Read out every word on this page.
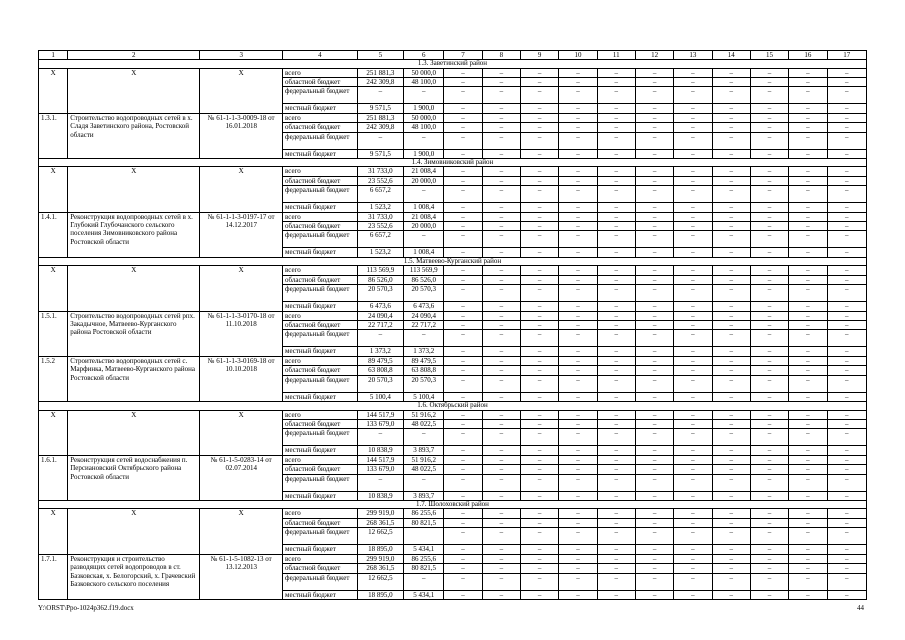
1	2	3	4	5	6	7	8	9	10	11	12	13	14	15	16	17
1.3. Заветинский район																
X	X	X	всего	251 881,3	50 000,0	–	–	–	–	–	–	–	–	–	–	–
			областной бюджет	242 309,8	48 100,0	–	–	–	–	–	–	–	–	–	–	–
			федеральный бюджет	–	–	–	–	–	–	–	–	–	–	–	–	–
			местный бюджет	9 571,5	1 900,0	–	–	–	–	–	–	–	–	–	–	–
1.3.1.	Строительство водопроводных сетей в х. Сладя Заветинского района, Ростовской области	№ 61-1-1-3-0009-18 от 16.01.2018	всего	251 881,3	50 000,0	–	–	–	–	–	–	–	–	–	–	–
			областной бюджет	242 309,8	48 100,0	–	–	–	–	–	–	–	–	–	–	–
			федеральный бюджет	–	–	–	–	–	–	–	–	–	–	–	–	–
			местный бюджет	9 571,5	1 900,0	–	–	–	–	–	–	–	–	–	–	–
1.4. Зимовниковский район																
X	X	X	всего	31 733,0	21 008,4	–	–	–	–	–	–	–	–	–	–	–
			областной бюджет	23 552,6	20 000,0	–	–	–	–	–	–	–	–	–	–	–
			федеральный бюджет	6 657,2	–	–	–	–	–	–	–	–	–	–	–	–
			местный бюджет	1 523,2	1 008,4	–	–	–	–	–	–	–	–	–	–	–
1.4.1.	Реконструкция водопроводных сетей в х. Глубокий Глубочанского сельского поселения Зимовниковского района Ростовской области	№ 61-1-1-3-0197-17 от 14.12.2017	всего	31 733,0	21 008,4	–	–	–	–	–	–	–	–	–	–	–
			областной бюджет	23 552,6	20 000,0	–	–	–	–	–	–	–	–	–	–	–
			федеральный бюджет	6 657,2	–	–	–	–	–	–	–	–	–	–	–	–
			местный бюджет	1 523,2	1 008,4	–	–	–	–	–	–	–	–	–	–	–
1.5. Матвеево-Курганский район																
X	X	X	всего	113 569,9	113 569,9	–	–	–	–	–	–	–	–	–	–	–
			областной бюджет	86 526,0	86 526,0	–	–	–	–	–	–	–	–	–	–	–
			федеральный бюджет	20 570,3	20 570,3	–	–	–	–	–	–	–	–	–	–	–
			местный бюджет	6 473,6	6 473,6	–	–	–	–	–	–	–	–	–	–	–
1.5.1.	Строительство водопроводных сетей рпх. Закадычное, Матвеево-Курганского района Ростовской области	№ 61-1-1-3-0170-18 от 11.10.2018	всего	24 090,4	24 090,4	–	–	–	–	–	–	–	–	–	–	–
			областной бюджет	22 717,2	22 717,2	–	–	–	–	–	–	–	–	–	–	–
			федеральный бюджет	–	–	–	–	–	–	–	–	–	–	–	–	–
			местный бюджет	1 373,2	1 373,2	–	–	–	–	–	–	–	–	–	–	–
1.5.2	Строительство водопроводных сетей с. Марфинка, Матвеево-Курганского района Ростовской области	№ 61-1-1-3-0169-18 от 10.10.2018	всего	89 479,5	89 479,5	–	–	–	–	–	–	–	–	–	–	–
			областной бюджет	63 808,8	63 808,8	–	–	–	–	–	–	–	–	–	–	–
			федеральный бюджет	20 570,3	20 570,3	–	–	–	–	–	–	–	–	–	–	–
			местный бюджет	5 100,4	5 100,4	–	–	–	–	–	–	–	–	–	–	–
1.6. Октябрьский район																
X	X	X	всего	144 517,9	51 916,2	–	–	–	–	–	–	–	–	–	–	–
			областной бюджет	133 679,0	48 022,5	–	–	–	–	–	–	–	–	–	–	–
			федеральный бюджет	–	–	–	–	–	–	–	–	–	–	–	–	–
			местный бюджет	10 838,9	3 893,7	–	–	–	–	–	–	–	–	–	–	–
1.6.1.	Реконструкция сетей водоснабжения п. Персиановский Октябрьского района Ростовской области	№ 61-1-5-0283-14 от 02.07.2014	всего	144 517,9	51 916,2	–	–	–	–	–	–	–	–	–	–	–
			областной бюджет	133 679,0	48 022,5	–	–	–	–	–	–	–	–	–	–	–
			федеральный бюджет	–	–	–	–	–	–	–	–	–	–	–	–	–
			местный бюджет	10 838,9	3 893,7	–	–	–	–	–	–	–	–	–	–	–
1.7. Шолоховский район																
X	X	X	всего	299 919,0	86 255,6	–	–	–	–	–	–	–	–	–	–	–
			областной бюджет	268 361,5	80 821,5	–	–	–	–	–	–	–	–	–	–	–
			федеральный бюджет	12 662,5		–	–	–	–	–	–	–	–	–	–	–
			местный бюджет	18 895,0	5 434,1	–	–	–	–	–	–	–	–	–	–	–
1.7.1.	Реконструкция и строительство разводящих сетей водопроводов в ст. Базковская, х. Белогорский, х. Грачевский Базковского сельского поселения	№ 61-1-5-1082-13 от 13.12.2013	всего	299 919,0	86 255,6	–	–	–	–	–	–	–	–	–	–	–
			областной бюджет	268 361,5	80 821,5	–	–	–	–	–	–	–	–	–	–	–
			федеральный бюджет	12 662,5	–	–	–	–	–	–	–	–	–	–	–	–
			местный бюджет	18 895,0	5 434,1	–	–	–	–	–	–	–	–	–	–	–
Y:\ORST\Ppo-1024p362.f19.docx	44
